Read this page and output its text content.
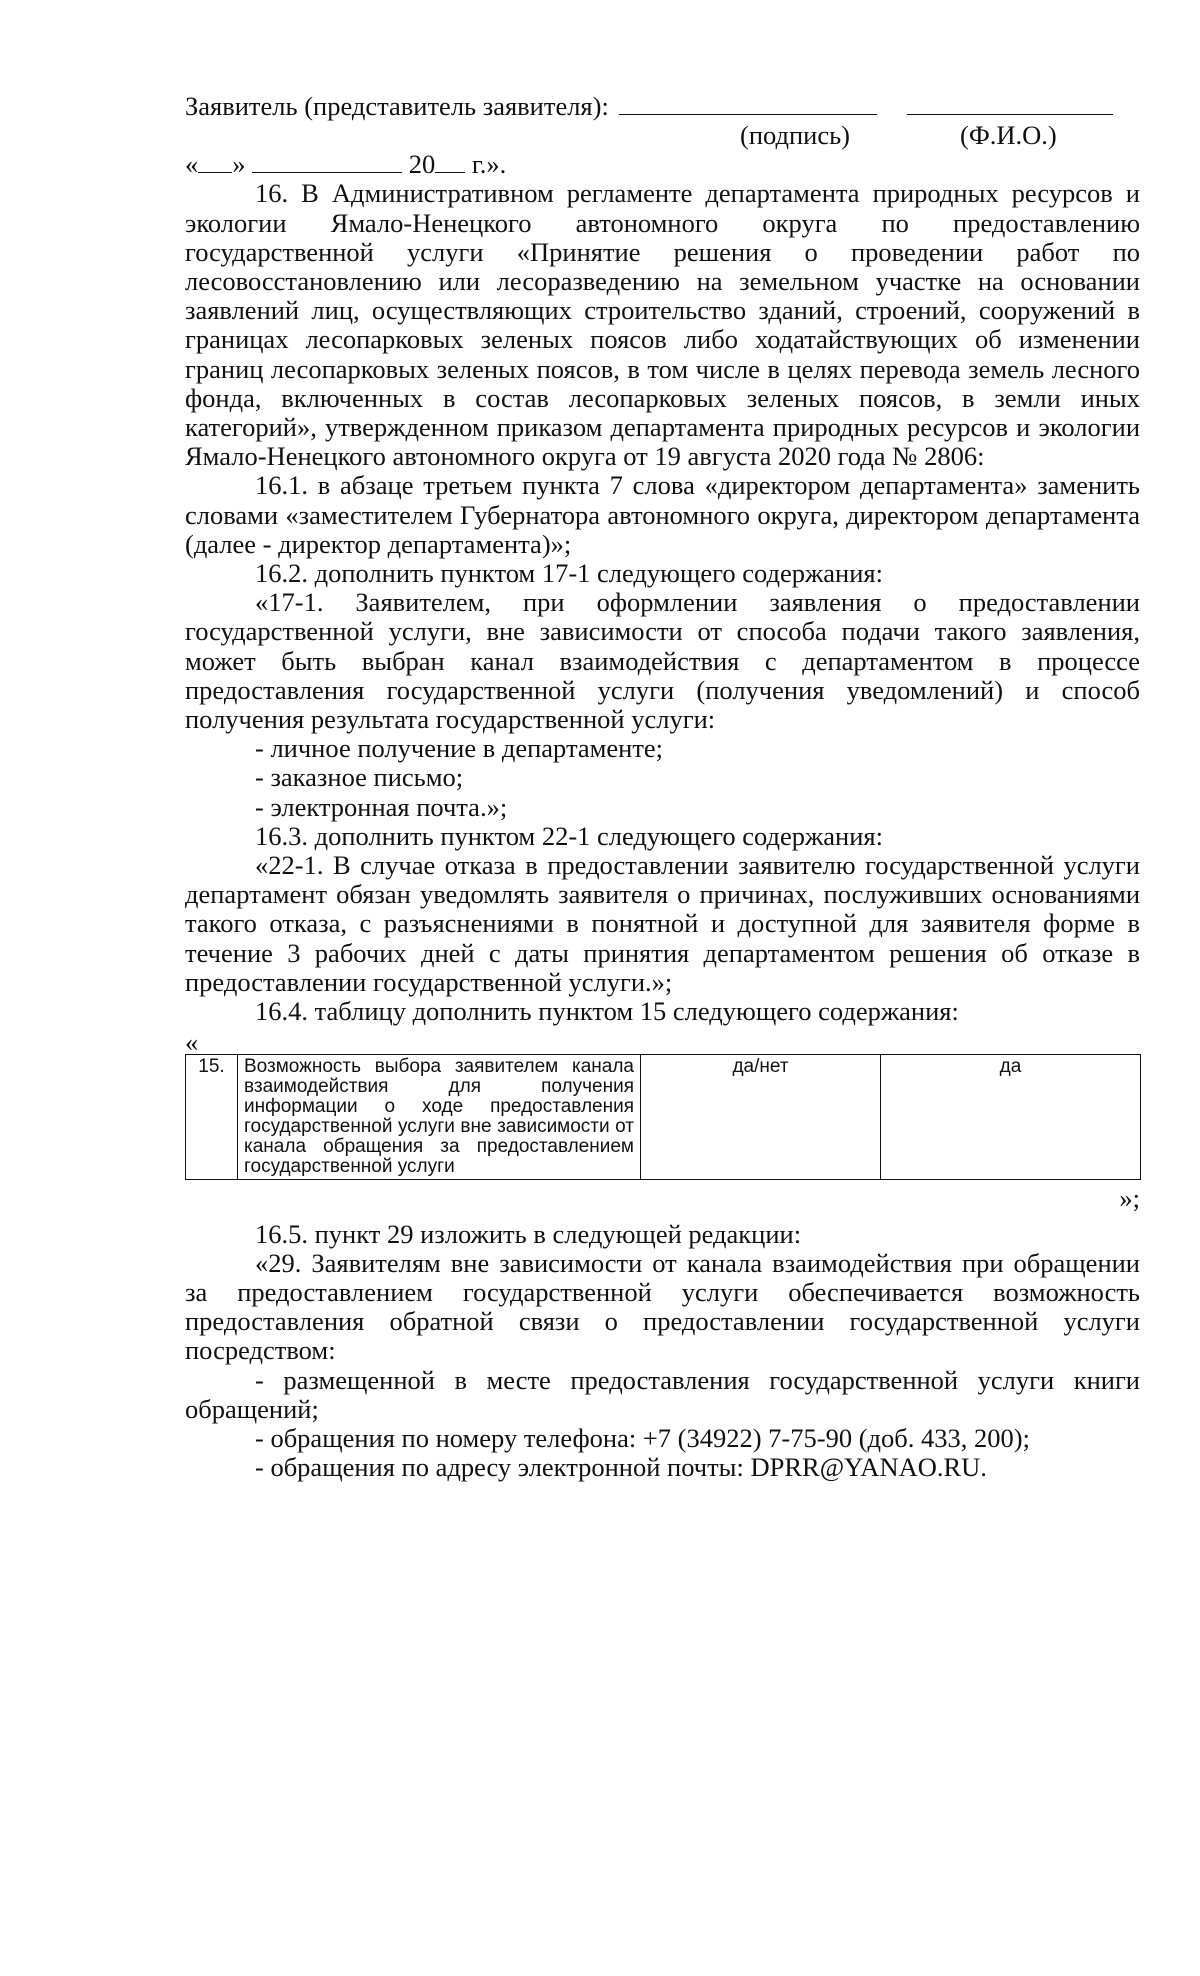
Заявитель (представитель заявителя):
(подпись)	(Ф.И.О.)
« »	20 г.».

16. В Административном регламенте департамента природных ресурсов и экологии Ямало-Ненецкого автономного округа по предоставлению государственной услуги «Принятие решения о проведении работ по лесовосстановлению или лесоразведению на земельном участке на основании заявлений лиц, осуществляющих строительство зданий, строений, сооружений в границах лесопарковых зеленых поясов либо ходатайствующих об изменении границ лесопарковых зеленых поясов, в том числе в целях перевода земель лесного фонда, включенных в состав лесопарковых зеленых поясов, в земли иных категорий», утвержденном приказом департамента природных ресурсов и экологии Ямало-Ненецкого автономного округа от 19 августа 2020 года № 2806:

16.1. в абзаце третьем пункта 7 слова «директором департамента» заменить словами «заместителем Губернатора автономного округа, директором департамента (далее - директор департамента)»;

16.2. дополнить пунктом 17-1 следующего содержания:

«17-1. Заявителем, при оформлении заявления о предоставлении государственной услуги, вне зависимости от способа подачи такого заявления, может быть выбран канал взаимодействия с департаментом в процессе предоставления государственной услуги (получения уведомлений) и способ получения результата государственной услуги:

- личное получение в департаменте;

- заказное письмо;

- электронная почта.»;

16.3. дополнить пунктом 22-1 следующего содержания:

«22-1. В случае отказа в предоставлении заявителю государственной услуги департамент обязан уведомлять заявителя о причинах, послуживших основаниями такого отказа, с разъяснениями в понятной и доступной для заявителя форме в течение 3 рабочих дней с даты принятия департаментом решения об отказе в предоставлении государственной услуги.»;

16.4. таблицу дополнить пунктом 15 следующего содержания:

«
15.	Возможность выбора заявителем канала взаимодействия для получения информации о ходе предоставления государственной услуги вне зависимости от канала обращения за предоставлением государственной услуги	да/нет	да
»;

16.5. пункт 29 изложить в следующей редакции:

«29. Заявителям вне зависимости от канала взаимодействия при обращении за предоставлением государственной услуги обеспечивается возможность предоставления обратной связи о предоставлении государственной услуги посредством:

- размещенной в месте предоставления государственной услуги книги обращений;

- обращения по номеру телефона: +7 (34922) 7-75-90 (доб. 433, 200);

- обращения по адресу электронной почты: DPRR@YANAO.RU.
